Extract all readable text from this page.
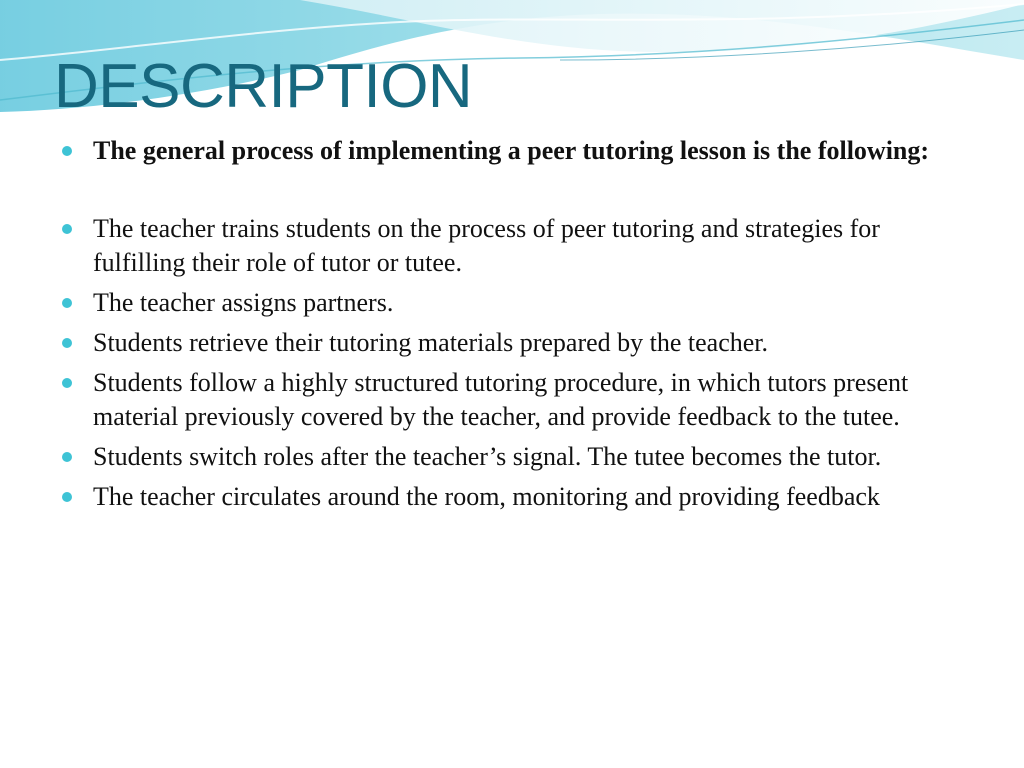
DESCRIPTION
The general process of implementing a peer tutoring lesson is the following:
The teacher trains students on the process of peer tutoring and strategies for fulfilling their role of tutor or tutee.
The teacher assigns partners.
Students retrieve their tutoring materials prepared by the teacher.
Students follow a highly structured tutoring procedure, in which tutors present material previously covered by the teacher, and provide feedback to the tutee.
Students switch roles after the teacher’s signal. The tutee becomes the tutor.
The teacher circulates around the room, monitoring and providing feedback
